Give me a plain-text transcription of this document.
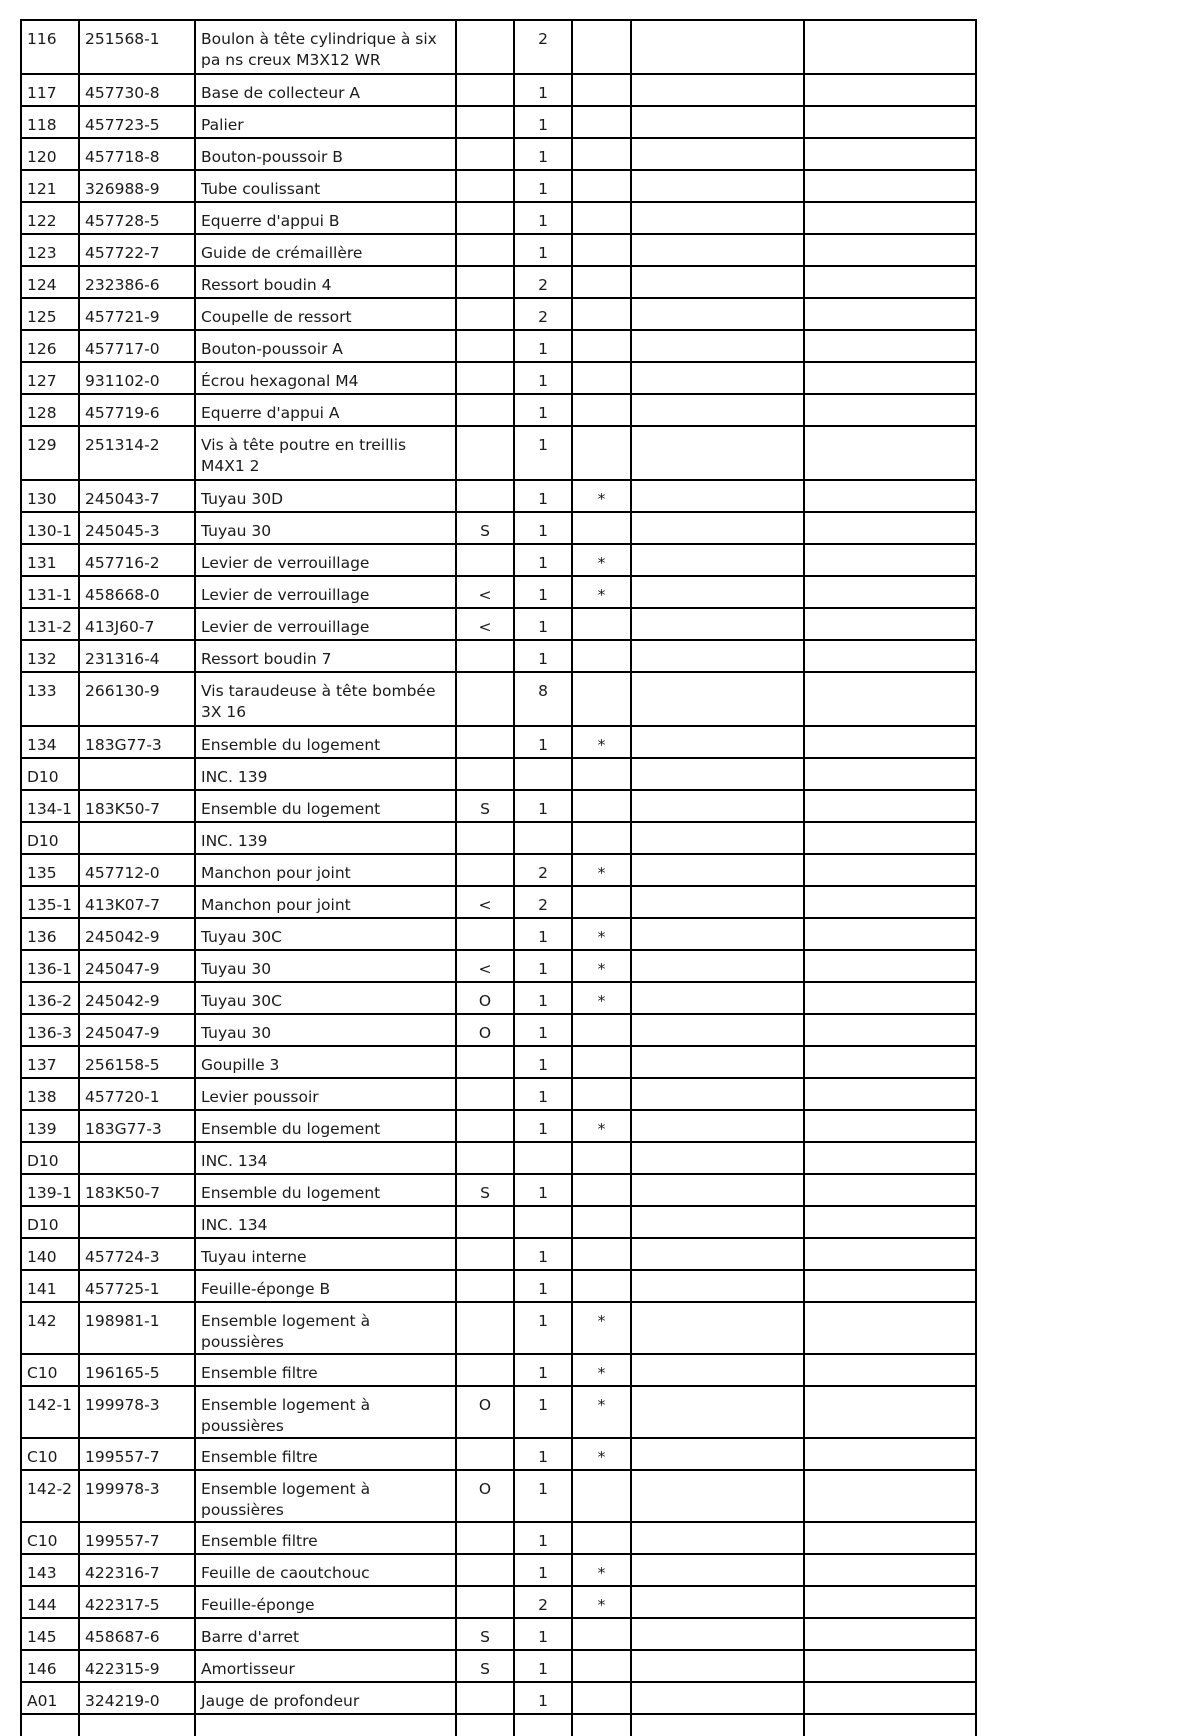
116	251568-1	Boulon à tête cylindrique à six pa ns creux M3X12 WR		2			
117	457730-8	Base de collecteur A		1			
118	457723-5	Palier		1			
120	457718-8	Bouton-poussoir B		1			
121	326988-9	Tube coulissant		1			
122	457728-5	Equerre d'appui B		1			
123	457722-7	Guide de crémaillère		1			
124	232386-6	Ressort boudin 4		2			
125	457721-9	Coupelle de ressort		2			
126	457717-0	Bouton-poussoir A		1			
127	931102-0	Écrou hexagonal M4		1			
128	457719-6	Equerre d'appui A		1			
129	251314-2	Vis à tête poutre en treillis M4X1 2		1			
130	245043-7	Tuyau 30D		1	*		
130-1	245045-3	Tuyau 30	S	1			
131	457716-2	Levier de verrouillage		1	*		
131-1	458668-0	Levier de verrouillage	<	1	*		
131-2	413J60-7	Levier de verrouillage	<	1			
132	231316-4	Ressort boudin 7		1			
133	266130-9	Vis taraudeuse à tête bombée 3X 16		8			
134	183G77-3	Ensemble du logement		1	*		
D10		INC. 139					
134-1	183K50-7	Ensemble du logement	S	1			
D10		INC. 139					
135	457712-0	Manchon pour joint		2	*		
135-1	413K07-7	Manchon pour joint	<	2			
136	245042-9	Tuyau 30C		1	*		
136-1	245047-9	Tuyau 30	<	1	*		
136-2	245042-9	Tuyau 30C	O	1	*		
136-3	245047-9	Tuyau 30	O	1			
137	256158-5	Goupille 3		1			
138	457720-1	Levier poussoir		1			
139	183G77-3	Ensemble du logement		1	*		
D10		INC. 134					
139-1	183K50-7	Ensemble du logement	S	1			
D10		INC. 134					
140	457724-3	Tuyau interne		1			
141	457725-1	Feuille-éponge B		1			
142	198981-1	Ensemble logement à poussières		1	*		
C10	196165-5	Ensemble filtre		1	*		
142-1	199978-3	Ensemble logement à poussières	O	1	*		
C10	199557-7	Ensemble filtre		1	*		
142-2	199978-3	Ensemble logement à poussières	O	1			
C10	199557-7	Ensemble filtre		1			
143	422316-7	Feuille de caoutchouc		1	*		
144	422317-5	Feuille-éponge		2	*		
145	458687-6	Barre d'arret	S	1			
146	422315-9	Amortisseur	S	1			
A01	324219-0	Jauge de profondeur		1			
